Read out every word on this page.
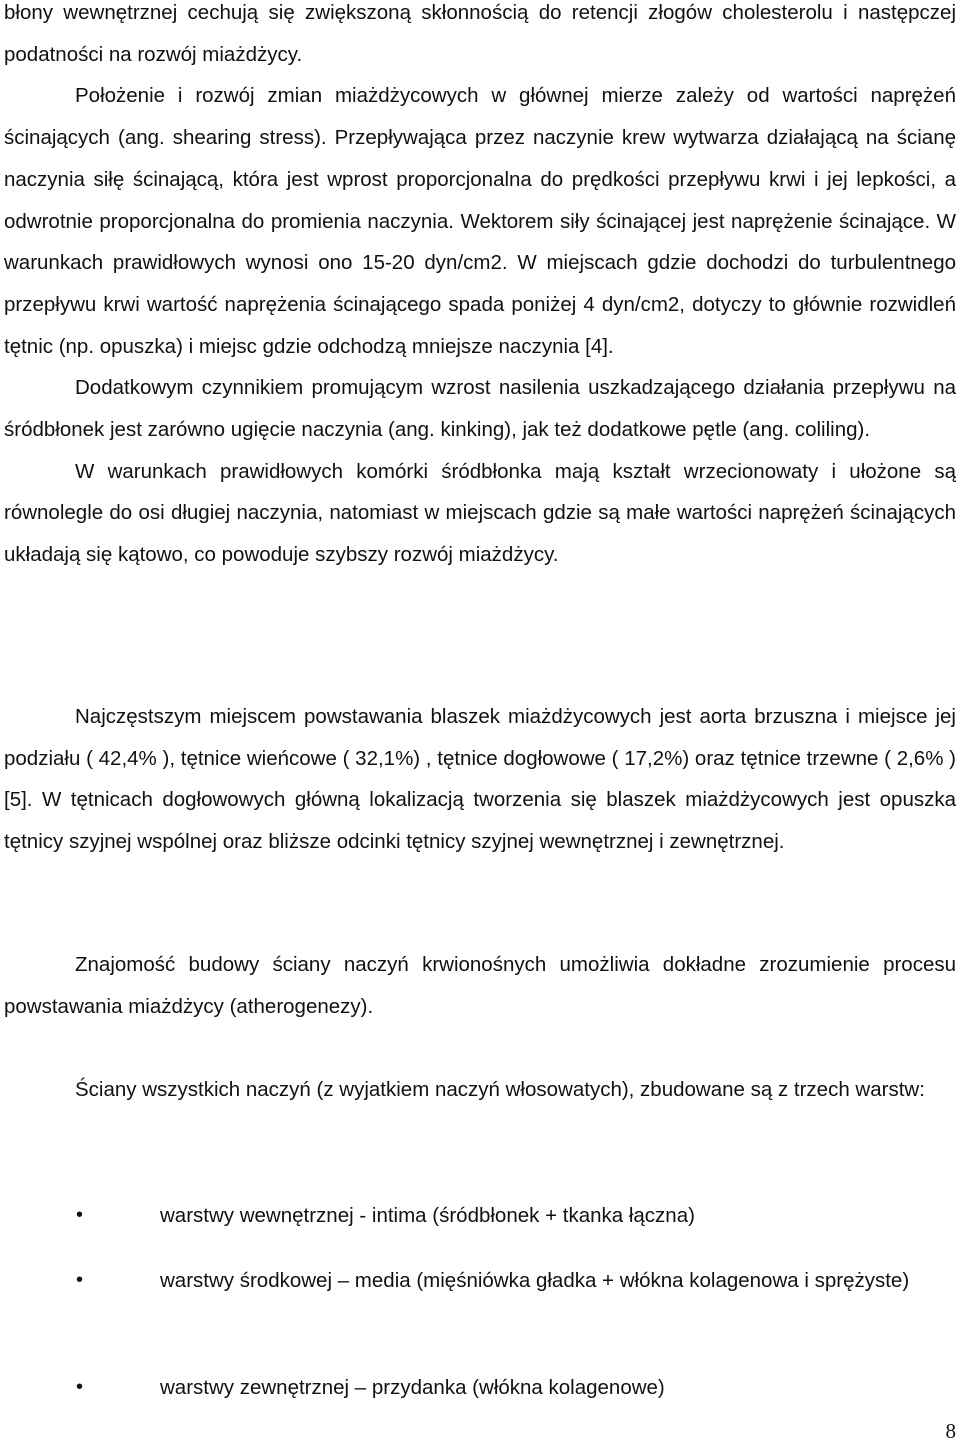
błony wewnętrznej cechują się zwiększoną skłonnością do retencji złogów cholesterolu i następczej podatności na rozwój miażdżycy.

Położenie i rozwój zmian miażdżycowych w głównej mierze zależy od wartości naprężeń ścinających (ang. shearing stress). Przepływająca przez naczynie krew wytwarza działającą na ścianę naczynia siłę ścinającą, która jest wprost proporcjonalna do prędkości przepływu krwi i jej lepkości, a odwrotnie proporcjonalna do promienia naczynia. Wektorem siły ścinającej jest naprężenie ścinające. W warunkach prawidłowych wynosi ono 15-20 dyn/cm2. W miejscach gdzie dochodzi do turbulentnego przepływu krwi wartość naprężenia ścinającego spada poniżej 4 dyn/cm2, dotyczy to głównie rozwidleń tętnic (np. opuszka) i miejsc gdzie odchodzą mniejsze naczynia [4].

Dodatkowym czynnikiem promującym wzrost nasilenia uszkadzającego działania przepływu na śródbłonek jest zarówno ugięcie naczynia (ang. kinking), jak też dodatkowe pętle (ang. coliling).

W warunkach prawidłowych komórki śródbłonka mają kształt wrzecionowaty i ułożone są równolegle do osi długiej naczynia, natomiast w miejscach gdzie są małe wartości naprężeń ścinających układają się kątowo, co powoduje szybszy rozwój miażdżycy.

Najczęstszym miejscem powstawania blaszek miażdżycowych jest aorta brzuszna i miejsce jej podziału ( 42,4% ), tętnice wieńcowe ( 32,1%) , tętnice dogłowowe ( 17,2%) oraz tętnice trzewne ( 2,6% ) [5]. W tętnicach dogłowowych główną lokalizacją tworzenia się blaszek miażdżycowych jest opuszka tętnicy szyjnej wspólnej oraz bliższe odcinki tętnicy szyjnej wewnętrznej i zewnętrznej.

Znajomość budowy ściany naczyń krwionośnych umożliwia dokładne zrozumienie procesu powstawania miażdżycy (atherogenezy).

Ściany wszystkich naczyń (z wyjatkiem naczyń włosowatych), zbudowane są z trzech warstw:

•	warstwy wewnętrznej - intima (śródbłonek + tkanka łączna)

•	warstwy środkowej – media (mięśniówka gładka + włókna kolagenowa i sprężyste)

•	warstwy zewnętrznej – przydanka (włókna kolagenowe)

8
